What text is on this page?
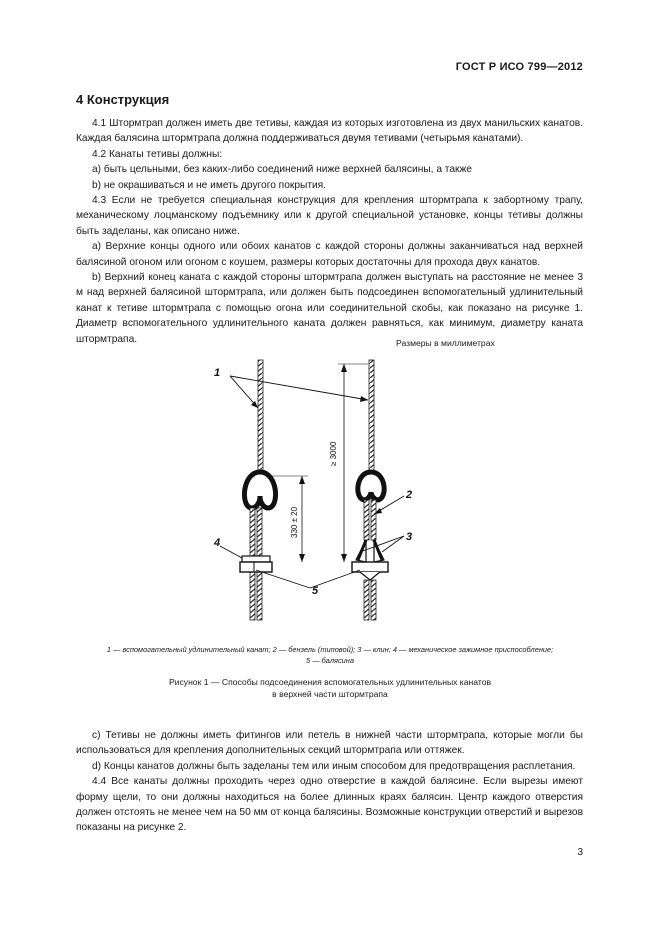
ГОСТ Р ИСО 799—2012
4 Конструкция

4.1 Штормтрап должен иметь две тетивы, каждая из которых изготовлена из двух манильских канатов. Каждая балясина штормтрапа должна поддерживаться двумя тетивами (четырьмя канатами).

4.2 Канаты тетивы должны:

a) быть цельными, без каких-либо соединений ниже верхней балясины, а также

b) не окрашиваться и не иметь другого покрытия.

4.3 Если не требуется специальная конструкция для крепления штормтрапа к забортному трапу, механическому лоцманскому подъемнику или к другой специальной установке, концы тетивы должны быть заделаны, как описано ниже.

a) Верхние концы одного или обоих канатов с каждой стороны должны заканчиваться над верхней балясиной огоном или огоном с коушем, размеры которых достаточны для прохода двух канатов.

b) Верхний конец каната с каждой стороны штормтрапа должен выступать на расстояние не менее 3 м над верхней балясиной штормтрапа, или должен быть подсоединен вспомогательный удлинительный канат к тетиве штормтрапа с помощью огона или соединительной скобы, как показано на рисунке 1. Диаметр вспомогательного удлинительного каната должен равняться, как минимум, диаметру каната штормтрапа.	Размеры в миллиметрах
≥ 3000
330 ± 20
1
2
3
4
5
1 — вспомогательный удлинительный канат; 2 — бензель (типовой); 3 — клин; 4 — механическое зажимное приспособление;
5 — балясина
Рисунок 1 — Способы подсоединения вспомогательных удлинительных канатов
в верхней части штормтрапа

c) Тетивы не должны иметь фитингов или петель в нижней части штормтрапа, которые могли бы использоваться для крепления дополнительных секций штормтрапа или оттяжек.

d) Концы канатов должны быть заделаны тем или иным способом для предотвращения расплетания.

4.4 Все канаты должны проходить через одно отверстие в каждой балясине. Если вырезы имеют форму щели, то они должны находиться на более длинных краях балясин. Центр каждого отверстия должен отстоять не менее чем на 50 мм от конца балясины. Возможные конструкции отверстий и вырезов показаны на рисунке 2.

3
